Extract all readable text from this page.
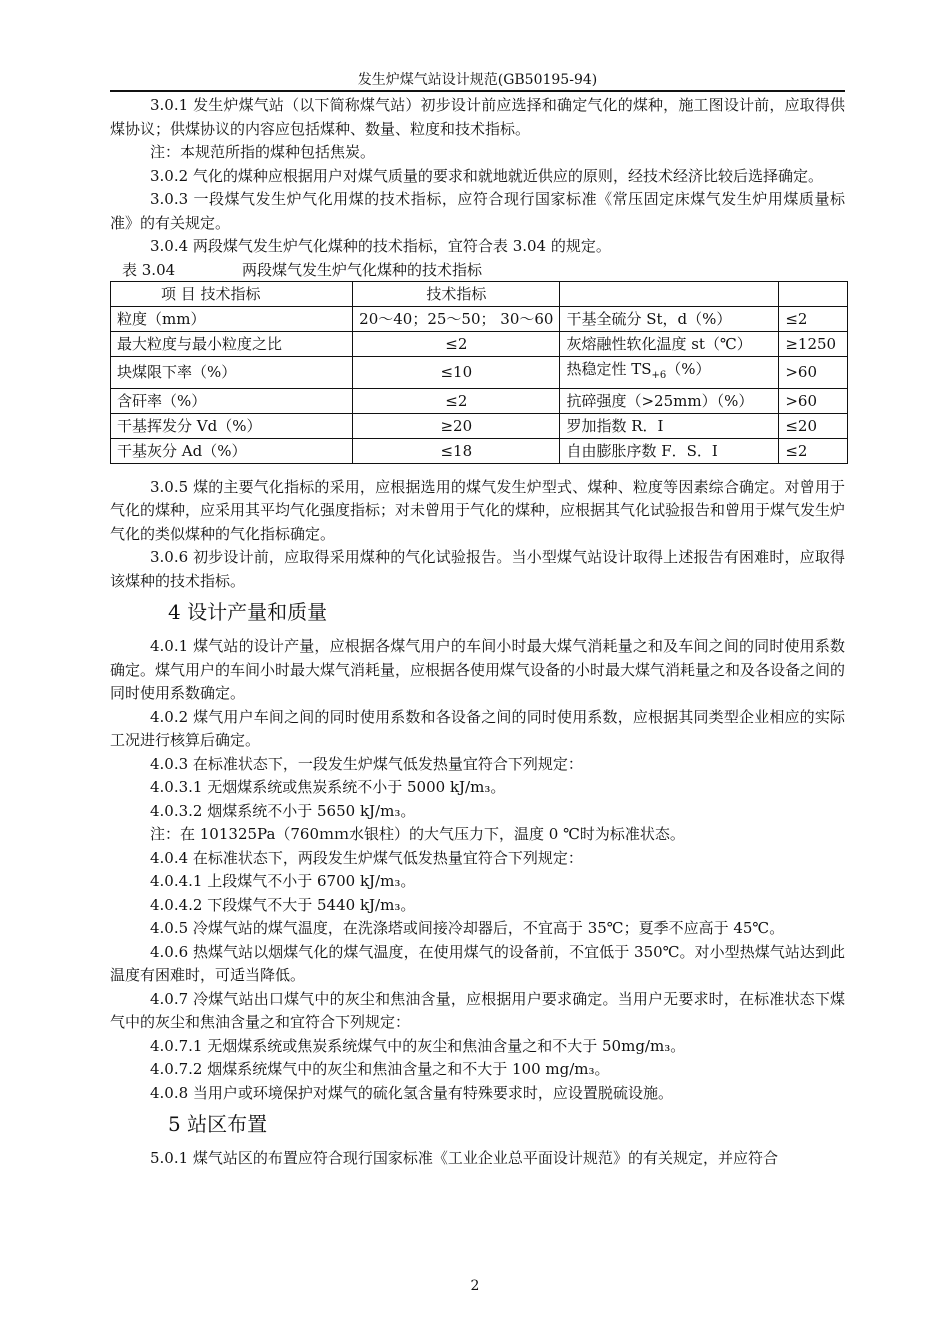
发生炉煤气站设计规范(GB50195-94)

3.0.1 发生炉煤气站（以下简称煤气站）初步设计前应选择和确定气化的煤种，施工图设计前，应取得供煤协议；供煤协议的内容应包括煤种、数量、粒度和技术指标。

注：本规范所指的煤种包括焦炭。

3.0.2 气化的煤种应根据用户对煤气质量的要求和就地就近供应的原则，经技术经济比较后选择确定。

3.0.3 一段煤气发生炉气化用煤的技术指标，应符合现行国家标准《常压固定床煤气发生炉用煤质量标准》的有关规定。

3.0.4 两段煤气发生炉气化煤种的技术指标，宜符合表 3.04 的规定。

表 3.04	两段煤气发生炉气化煤种的技术指标

项 目 技术指标	技术指标		
粒度（mm）	20～40；25～50； 30～60	干基全硫分 St，d（%）	≤2
最大粒度与最小粒度之比	≤2	灰熔融性软化温度 st（℃）	≥1250
块煤限下率（%）	≤10	热稳定性 $TS_{+6}(\%)$	>60
含矸率（%）	≤2	抗碎强度（>25mm）（%）	>60
干基挥发分 Vd（%）	≥20	罗加指数 R．I	≤20
干基灰分 Ad（%）	≤18	自由膨胀序数 F．S．I	≤2

3.0.5 煤的主要气化指标的采用，应根据选用的煤气发生炉型式、煤种、粒度等因素综合确定。对曾用于气化的煤种，应采用其平均气化强度指标；对未曾用于气化的煤种，应根据其气化试验报告和曾用于煤气发生炉气化的类似煤种的气化指标确定。

3.0.6 初步设计前，应取得采用煤种的气化试验报告。当小型煤气站设计取得上述报告有困难时，应取得该煤种的技术指标。

4 设计产量和质量

4.0.1 煤气站的设计产量，应根据各煤气用户的车间小时最大煤气消耗量之和及车间之间的同时使用系数确定。煤气用户的车间小时最大煤气消耗量，应根据各使用煤气设备的小时最大煤气消耗量之和及各设备之间的同时使用系数确定。

4.0.2 煤气用户车间之间的同时使用系数和各设备之间的同时使用系数，应根据其同类型企业相应的实际工况进行核算后确定。

4.0.3 在标准状态下，一段发生炉煤气低发热量宜符合下列规定：

4.0.3.1 无烟煤系统或焦炭系统不小于 5000 kJ/m₃。

4.0.3.2 烟煤系统不小于 5650 kJ/m₃。

注：在 101325Pa（760ｍｍ水银柱）的大气压力下，温度 0 ℃时为标准状态。

4.0.4 在标准状态下，两段发生炉煤气低发热量宜符合下列规定：

4.0.4.1 上段煤气不小于 6700 kJ/m₃。

4.0.4.2 下段煤气不大于 5440 kJ/m₃。

4.0.5 冷煤气站的煤气温度，在洗涤塔或间接冷却器后，不宜高于 35℃；夏季不应高于 45℃。

4.0.6 热煤气站以烟煤气化的煤气温度，在使用煤气的设备前，不宜低于 350℃。对小型热煤气站达到此温度有困难时，可适当降低。

4.0.7 冷煤气站出口煤气中的灰尘和焦油含量，应根据用户要求确定。当用户无要求时，在标准状态下煤气中的灰尘和焦油含量之和宜符合下列规定：

4.0.7.1 无烟煤系统或焦炭系统煤气中的灰尘和焦油含量之和不大于 50mg/m₃。

4.0.7.2 烟煤系统煤气中的灰尘和焦油含量之和不大于 100 mg/m₃。

4.0.8 当用户或环境保护对煤气的硫化氢含量有特殊要求时，应设置脱硫设施。

5 站区布置

5.0.1 煤气站区的布置应符合现行国家标准《工业企业总平面设计规范》的有关规定，并应符合

2
